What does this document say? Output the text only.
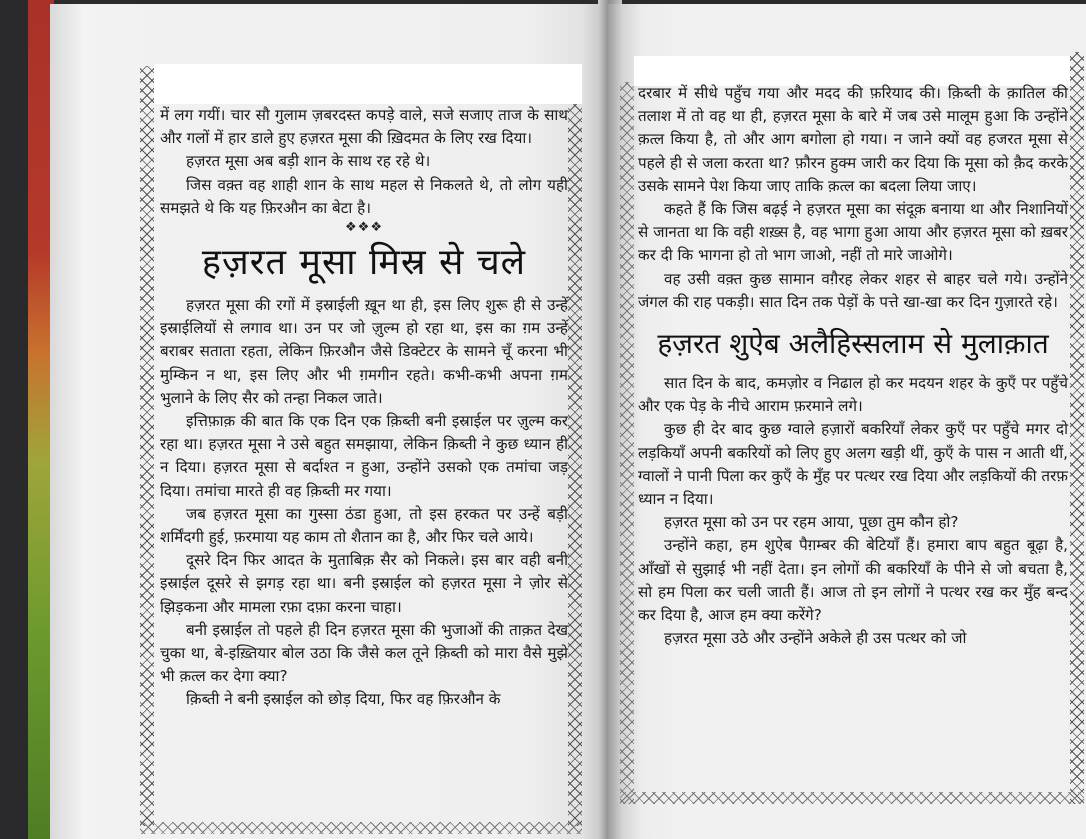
में लग गयीं। चार सौ गुलाम ज़बरदस्त कपड़े वाले, सजे सजाए ताज के साथ और गलों में हार डाले हुए हज़रत मूसा की ख़िदमत के लिए रख दिया।

हज़रत मूसा अब बड़ी शान के साथ रह रहे थे।

जिस वक़्त वह शाही शान के साथ महल से निकलते थे, तो लोग यही समझते थे कि यह फ़िरऔन का बेटा है।

❖❖❖
हज़रत मूसा मिस्र से चले

हज़रत मूसा की रगों में इस्राईली ख़ून था ही, इस लिए शुरू ही से उन्हें इस्राईलियों से लगाव था। उन पर जो ज़ुल्म हो रहा था, इस का ग़म उन्हें बराबर सताता रहता, लेकिन फ़िरऔन जैसे डिक्टेटर के सामने चूँ करना भी मुम्किन न था, इस लिए और भी ग़मगीन रहते। कभी-कभी अपना ग़म भुलाने के लिए सैर को तन्हा निकल जाते।

इत्तिफ़ाक़ की बात कि एक दिन एक क़िब्ती बनी इस्राईल पर ज़ुल्म कर रहा था। हज़रत मूसा ने उसे बहुत समझाया, लेकिन क़िब्ती ने कुछ ध्यान ही न दिया। हज़रत मूसा से बर्दाश्त न हुआ, उन्होंने उसको एक तमांचा जड़ दिया। तमांचा मारते ही वह क़िब्ती मर गया।

जब हज़रत मूसा का गुस्सा ठंडा हुआ, तो इस हरकत पर उन्हें बड़ी शर्मिंदगी हुई, फ़रमाया यह काम तो शैतान का है, और फिर चले आये।

दूसरे दिन फिर आदत के मुताबिक़ सैर को निकले। इस बार वही बनी इस्राईल दूसरे से झगड़ रहा था। बनी इस्राईल को हज़रत मूसा ने ज़ोर से झिड़कना और मामला रफ़ा दफ़ा करना चाहा।

बनी इस्राईल तो पहले ही दिन हज़रत मूसा की भुजाओं की ताक़त देख चुका था, बे-इख़्तियार बोल उठा कि जैसे कल तूने क़िब्ती को मारा वैसे मुझे भी क़त्ल कर देगा क्या?

क़िब्ती ने बनी इस्राईल को छोड़ दिया, फिर वह फ़िरऔन के

दरबार में सीधे पहुँच गया और मदद की फ़रियाद की। क़िब्ती के क़ातिल की तलाश में तो वह था ही, हज़रत मूसा के बारे में जब उसे मालूम हुआ कि उन्होंने क़त्ल किया है, तो और आग बगोला हो गया। न जाने क्यों वह हजरत मूसा से पहले ही से जला करता था? फ़ौरन हुक्म जारी कर दिया कि मूसा को क़ैद करके उसके सामने पेश किया जाए ताकि क़त्ल का बदला लिया जाए।

कहते हैं कि जिस बढ़ई ने हज़रत मूसा का संदूक़ बनाया था और निशानियों से जानता था कि वही शख़्स है, वह भागा हुआ आया और हज़रत मूसा को ख़बर कर दी कि भागना हो तो भाग जाओ, नहीं तो मारे जाओगे।

वह उसी वक़्त कुछ सामान वग़ैरह लेकर शहर से बाहर चले गये। उन्होंने जंगल की राह पकड़ी। सात दिन तक पेड़ों के पत्ते खा-खा कर दिन गुज़ारते रहे।

हज़रत शुऐब अलैहिस्सलाम से मुलाक़ात

सात दिन के बाद, कमज़ोर व निढाल हो कर मदयन शहर के कुएँ पर पहुँचे और एक पेड़ के नीचे आराम फ़रमाने लगे।

कुछ ही देर बाद कुछ ग्वाले हज़ारों बकरियाँ लेकर कुएँ पर पहुँचे मगर दो लड़कियाँ अपनी बकरियों को लिए हुए अलग खड़ी थीं, कुएँ के पास न आती थीं, ग्वालों ने पानी पिला कर कुएँ के मुँह पर पत्थर रख दिया और लड़कियों की तरफ़ ध्यान न दिया।

हज़रत मूसा को उन पर रहम आया, पूछा तुम कौन हो?

उन्होंने कहा, हम शुऐब पैग़म्बर की बेटियाँ हैं। हमारा बाप बहुत बूढ़ा है, आँखों से सुझाई भी नहीं देता। इन लोगों की बकरियाँ के पीने से जो बचता है, सो हम पिला कर चली जाती हैं। आज तो इन लोगों ने पत्थर रख कर मुँह बन्द कर दिया है, आज हम क्या करेंगे?

हज़रत मूसा उठे और उन्होंने अकेले ही उस पत्थर को जो
